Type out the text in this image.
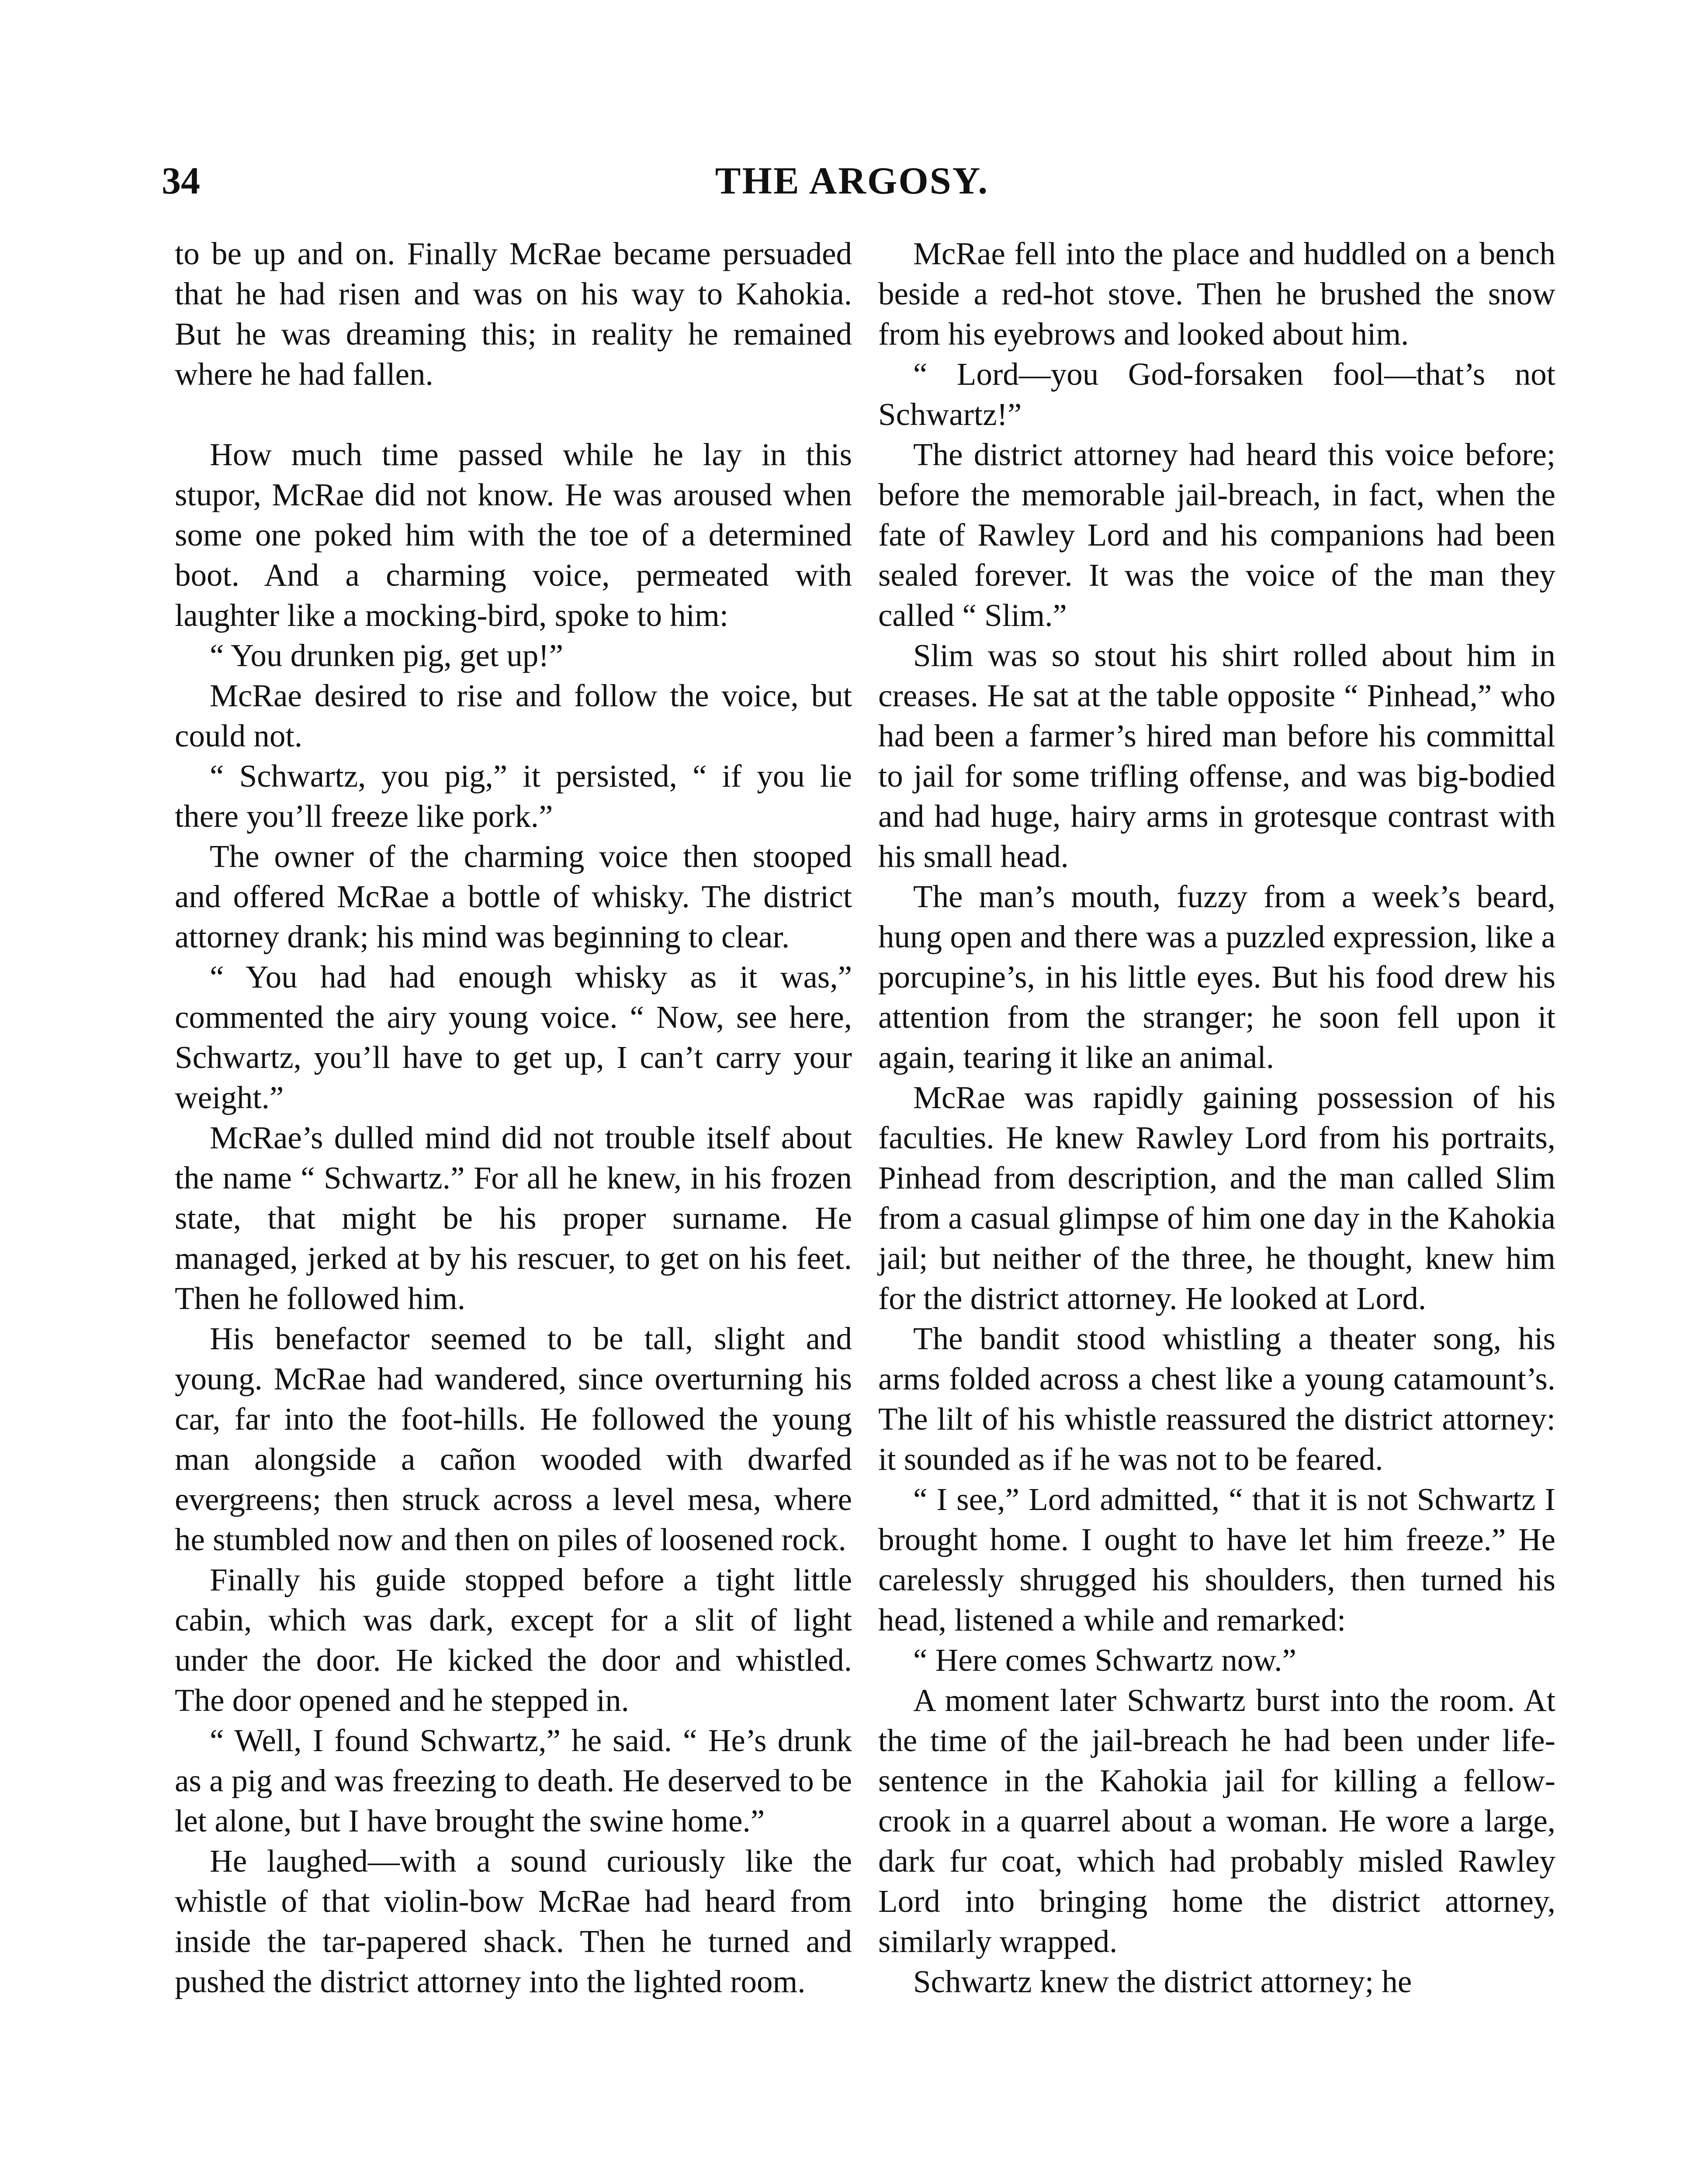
34	THE ARGOSY.

to be up and on. Finally McRae became persuaded that he had risen and was on his way to Kahokia. But he was dreaming this; in reality he remained where he had fallen.

How much time passed while he lay in this stupor, McRae did not know. He was aroused when some one poked him with the toe of a determined boot. And a charming voice, permeated with laughter like a mocking-bird, spoke to him:

“ You drunken pig, get up!”

McRae desired to rise and follow the voice, but could not.

“ Schwartz, you pig,” it persisted, “ if you lie there you’ll freeze like pork.”

The owner of the charming voice then stooped and offered McRae a bottle of whisky. The district attorney drank; his mind was beginning to clear.

“ You had had enough whisky as it was,” commented the airy young voice. “ Now, see here, Schwartz, you’ll have to get up, I can’t carry your weight.”

McRae’s dulled mind did not trouble itself about the name “ Schwartz.” For all he knew, in his frozen state, that might be his proper surname. He managed, jerked at by his rescuer, to get on his feet. Then he followed him.

His benefactor seemed to be tall, slight and young. McRae had wandered, since overturning his car, far into the foot-hills. He followed the young man alongside a cañon wooded with dwarfed evergreens; then struck across a level mesa, where he stumbled now and then on piles of loosened rock.

Finally his guide stopped before a tight little cabin, which was dark, except for a slit of light under the door. He kicked the door and whistled. The door opened and he stepped in.

“ Well, I found Schwartz,” he said. “ He’s drunk as a pig and was freezing to death. He deserved to be let alone, but I have brought the swine home.”

He laughed—with a sound curiously like the whistle of that violin-bow McRae had heard from inside the tar-papered shack. Then he turned and pushed the district attorney into the lighted room.

McRae fell into the place and huddled on a bench beside a red-hot stove. Then he brushed the snow from his eyebrows and looked about him.

“ Lord—you God-forsaken fool—that’s not Schwartz!”

The district attorney had heard this voice before; before the memorable jail-breach, in fact, when the fate of Rawley Lord and his companions had been sealed forever. It was the voice of the man they called “ Slim.”

Slim was so stout his shirt rolled about him in creases. He sat at the table opposite “ Pinhead,” who had been a farmer’s hired man before his committal to jail for some trifling offense, and was big-bodied and had huge, hairy arms in grotesque contrast with his small head.

The man’s mouth, fuzzy from a week’s beard, hung open and there was a puzzled expression, like a porcupine’s, in his little eyes. But his food drew his attention from the stranger; he soon fell upon it again, tearing it like an animal.

McRae was rapidly gaining possession of his faculties. He knew Rawley Lord from his portraits, Pinhead from description, and the man called Slim from a casual glimpse of him one day in the Kahokia jail; but neither of the three, he thought, knew him for the district attorney. He looked at Lord.

The bandit stood whistling a theater song, his arms folded across a chest like a young catamount’s. The lilt of his whistle reassured the district attorney: it sounded as if he was not to be feared.

“ I see,” Lord admitted, “ that it is not Schwartz I brought home. I ought to have let him freeze.” He carelessly shrugged his shoulders, then turned his head, listened a while and remarked:

“ Here comes Schwartz now.”

A moment later Schwartz burst into the room. At the time of the jail-breach he had been under life-sentence in the Kahokia jail for killing a fellow-crook in a quarrel about a woman. He wore a large, dark fur coat, which had probably misled Rawley Lord into bringing home the district attorney, similarly wrapped.

Schwartz knew the district attorney; he
